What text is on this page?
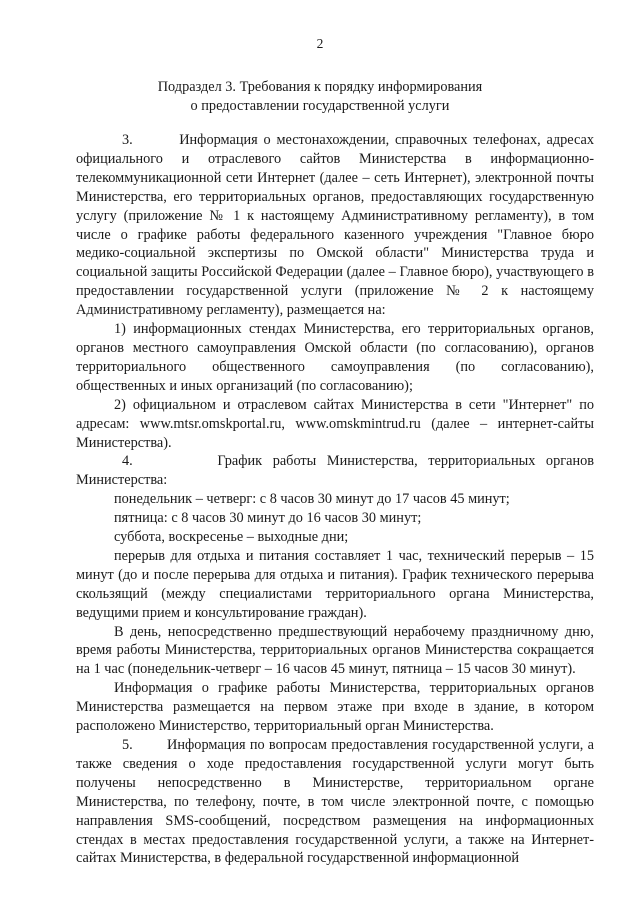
2
Подраздел 3. Требования к порядку информирования
о предоставлении государственной услуги

3.        Информация о местонахождении, справочных телефонах, адресах официального и отраслевого сайтов Министерства в информационно-телекоммуникационной сети Интернет (далее – сеть Интернет), электронной почты Министерства, его территориальных органов, предоставляющих государственную услугу (приложение № 1 к настоящему Административному регламенту), в том числе о графике работы федерального казенного учреждения "Главное бюро медико-социальной экспертизы по Омской области" Министерства труда и социальной защиты Российской Федерации (далее – Главное бюро), участвующего в предоставлении государственной услуги (приложение № 2 к настоящему Административному регламенту), размещается на:

1) информационных стендах Министерства, его территориальных органов, органов местного самоуправления Омской области (по согласованию), органов территориального общественного самоуправления (по согласованию), общественных и иных организаций (по согласованию);

2) официальном и отраслевом сайтах Министерства в сети "Интернет" по адресам: www.mtsr.omskportal.ru, www.omskmintrud.ru (далее – интернет-сайты Министерства).

4.        График работы Министерства, территориальных органов Министерства:

понедельник – четверг: с 8 часов 30 минут до 17 часов 45 минут;

пятница: с 8 часов 30 минут до 16 часов 30 минут;

суббота, воскресенье – выходные дни;

перерыв для отдыха и питания составляет 1 час, технический перерыв – 15 минут (до и после перерыва для отдыха и питания). График технического перерыва скользящий (между специалистами территориального органа Министерства, ведущими прием и консультирование граждан).

В день, непосредственно предшествующий нерабочему праздничному дню, время работы Министерства, территориальных органов Министерства сокращается на 1 час (понедельник-четверг – 16 часов 45 минут, пятница – 15 часов 30 минут).

Информация о графике работы Министерства, территориальных органов Министерства размещается на первом этаже при входе в здание, в котором расположено Министерство, территориальный орган Министерства.

5.        Информация по вопросам предоставления государственной услуги, а также сведения о ходе предоставления государственной услуги могут быть получены непосредственно в Министерстве, территориальном органе Министерства, по телефону, почте, в том числе электронной почте, с помощью направления SMS-сообщений, посредством размещения на информационных стендах в местах предоставления государственной услуги, а также на Интернет-сайтах Министерства, в федеральной государственной информационной
